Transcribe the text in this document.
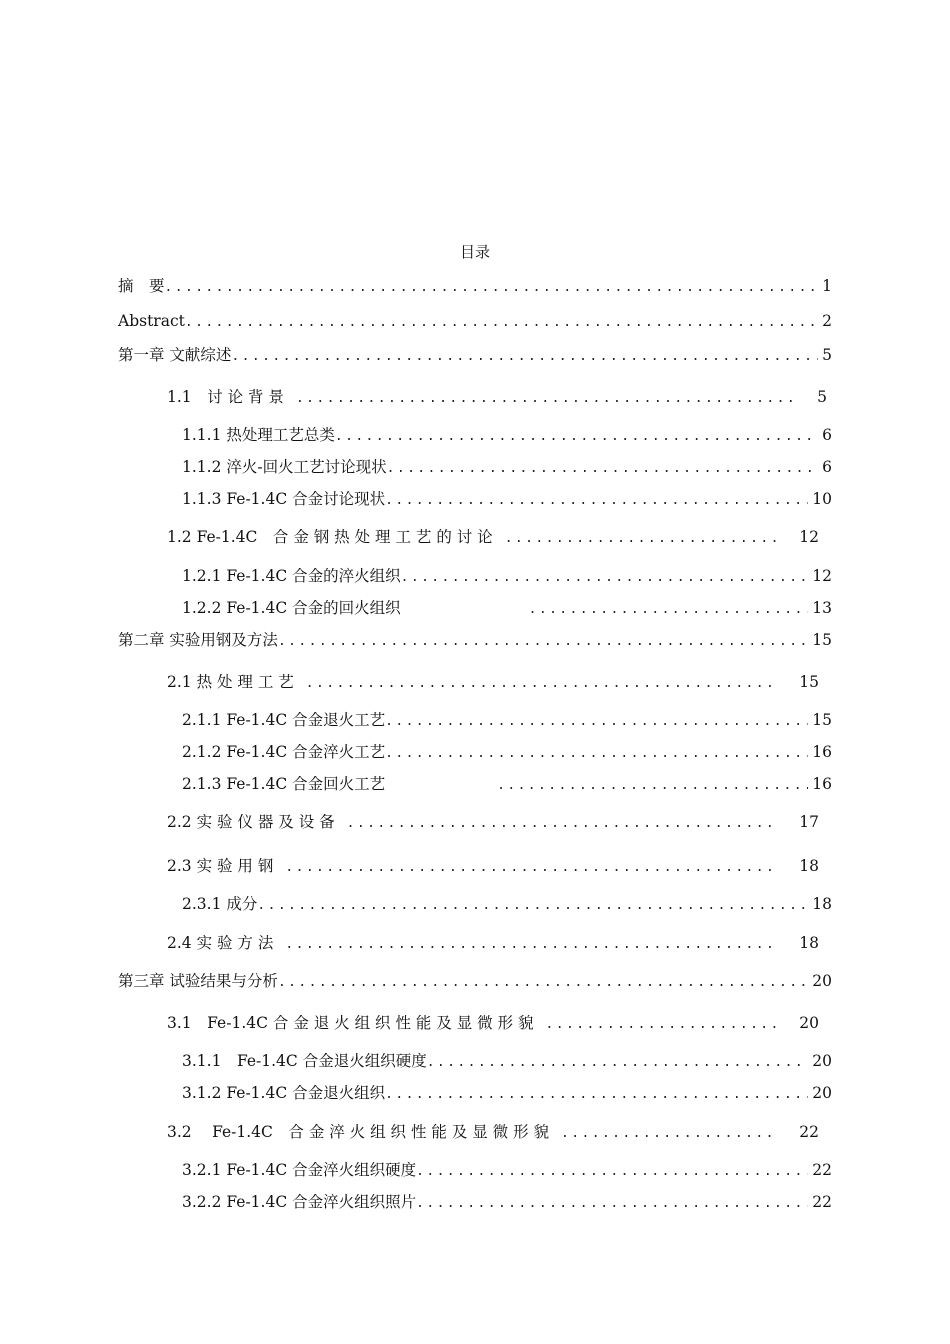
目录
摘　要 .....	1
Abstract .....	2
第一章 文献综述 .....	5
1.1　讨 论 背 景 .....	5
1.1.1 热处理工艺总类 .....	6
1.1.2 淬火-回火工艺讨论现状 .....	6
1.1.3 Fe-1.4C 合金讨论现状 .....	10
1.2 Fe-1.4C　合 金 钢 热 处 理 工 艺 的 讨 论 .....	12
1.2.1 Fe-1.4C 合金的淬火组织 .....	12
1.2.2 Fe-1.4C 合金的回火组织 .....	13
第二章 实验用钢及方法 .....	15
2.1 热 处 理 工 艺 .....	15
2.1.1 Fe-1.4C 合金退火工艺 .....	15
2.1.2 Fe-1.4C 合金淬火工艺 .....	16
2.1.3 Fe-1.4C 合金回火工艺 .....	16
2.2 实 验 仪 器 及 设 备 .....	17
2.3 实 验 用 钢 .....	18
2.3.1 成分 .....	18
2.4 实 验 方 法 .....	18
第三章 试验结果与分析 .....	20
3.1　Fe-1.4C 合 金 退 火 组 织 性 能 及 显 微 形 貌 .....	20
3.1.1　Fe-1.4C 合金退火组织硬度 .....	20
3.1.2 Fe-1.4C 合金退火组织 .....	20
3.2　 Fe-1.4C　合 金 淬 火 组 织 性 能 及 显 微 形 貌 .....	22
3.2.1 Fe-1.4C 合金淬火组织硬度 .....	22
3.2.2 Fe-1.4C 合金淬火组织照片 .....	22
